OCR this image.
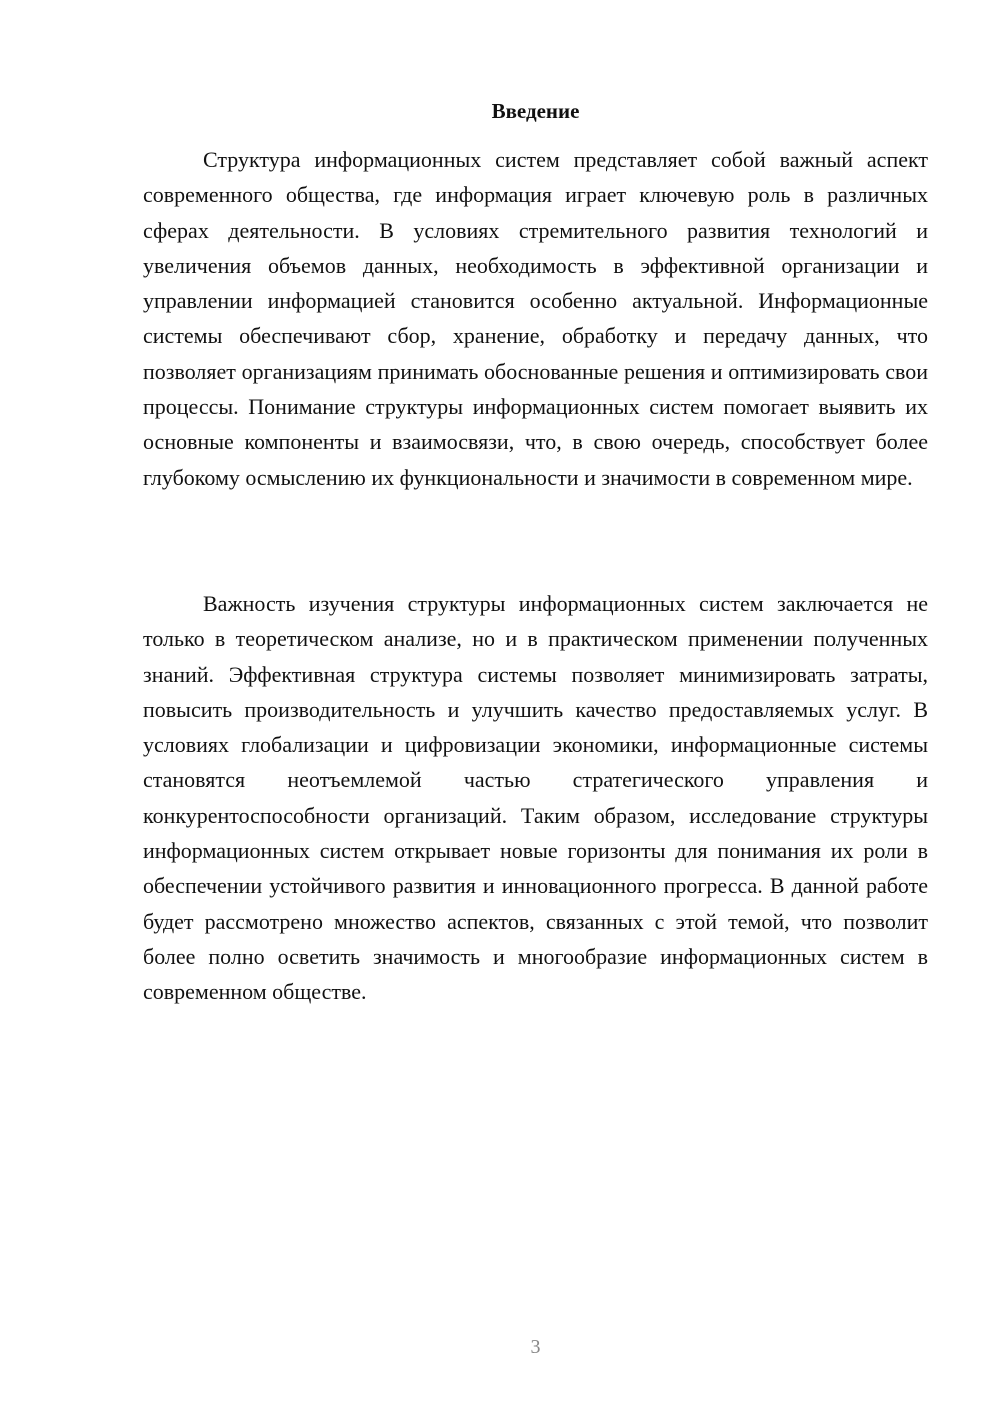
Введение

Структура информационных систем представляет собой важный аспект современного общества, где информация играет ключевую роль в различных сферах деятельности. В условиях стремительного развития технологий и увеличения объемов данных, необходимость в эффективной организации и управлении информацией становится особенно актуальной. Информационные системы обеспечивают сбор, хранение, обработку и передачу данных, что позволяет организациям принимать обоснованные решения и оптимизировать свои процессы. Понимание структуры информационных систем помогает выявить их основные компоненты и взаимосвязи, что, в свою очередь, способствует более глубокому осмыслению их функциональности и значимости в современном мире.

Важность изучения структуры информационных систем заключается не только в теоретическом анализе, но и в практическом применении полученных знаний. Эффективная структура системы позволяет минимизировать затраты, повысить производительность и улучшить качество предоставляемых услуг. В условиях глобализации и цифровизации экономики, информационные системы становятся неотъемлемой частью стратегического управления и конкурентоспособности организаций. Таким образом, исследование структуры информационных систем открывает новые горизонты для понимания их роли в обеспечении устойчивого развития и инновационного прогресса. В данной работе будет рассмотрено множество аспектов, связанных с этой темой, что позволит более полно осветить значимость и многообразие информационных систем в современном обществе.

3
